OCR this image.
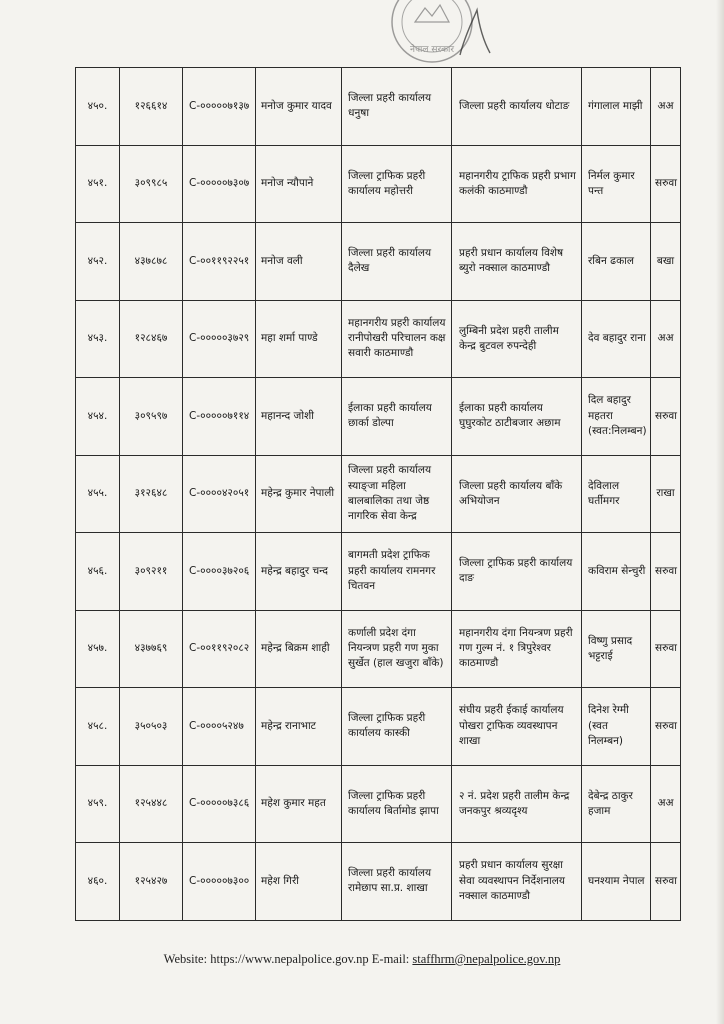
नेपाल सरकार
४५०.	१२६६१४	C-०००००७१३७	मनोज कुमार यादव	जिल्ला प्रहरी कार्यालय धनुषा	जिल्ला प्रहरी कार्यालय धोटाङ	गंगालाल माझी	अअ
४५१.	३०९९८५	C-०००००७३०७	मनोज न्यौपाने	जिल्ला ट्राफिक प्रहरी कार्यालय महोत्तरी	महानगरीय ट्राफिक प्रहरी प्रभाग कलंकी काठमाण्डौ	निर्मल कुमार पन्त	सरुवा
४५२.	४३७८७८	C-००११९२२५१	मनोज वली	जिल्ला प्रहरी कार्यालय दैलेख	प्रहरी प्रधान कार्यालय विशेष ब्युरो नक्साल काठमाण्डौ	रबिन ढकाल	बखा
४५३.	१२८४६७	C-०००००३७२९	महा शर्मा पाण्डे	महानगरीय प्रहरी कार्यालय रानीपोखरी परिचालन कक्ष सवारी काठमाण्डौ	लुम्बिनी प्रदेश प्रहरी तालीम केन्द्र बुटवल रुपन्देही	देव बहादुर राना	अअ
४५४.	३०९५९७	C-०००००७११४	महानन्द जोशी	ईलाका प्रहरी कार्यालय छार्का डोल्पा	ईलाका प्रहरी कार्यालय घुघुरकोट ठाटीबजार अछाम	दिल बहादुर महतरा (स्वत:निलम्बन)	सरुवा
४५५.	३१२६४८	C-००००४२०५१	महेन्द्र कुमार नेपाली	जिल्ला प्रहरी कार्यालय स्याङ्जा महिला बालबालिका तथा जेष्ठ नागरिक सेवा केन्द्र	जिल्ला प्रहरी कार्यालय बाँके अभियोजन	देविलाल घर्तीमगर	राखा
४५६.	३०९२११	C-००००३७२०६	महेन्द्र बहादुर चन्द	बागमती प्रदेश ट्राफिक प्रहरी कार्यालय रामनगर चितवन	जिल्ला ट्राफिक प्रहरी कार्यालय दाङ	कविराम सेन्चुरी	सरुवा
४५७.	४३७७६९	C-००११९२०८२	महेन्द्र बिक्रम शाही	कर्णाली प्रदेश दंगा नियन्त्रण प्रहरी गण मुका सुर्खेत (हाल खजुरा बाँके)	महानगरीय दंगा नियन्त्रण प्रहरी गण गुल्म नं. १ त्रिपुरेश्वर काठमाण्डौ	विष्णु प्रसाद भट्टराई	सरुवा
४५८.	३५०५०३	C-००००५२४७	महेन्द्र रानाभाट	जिल्ला ट्राफिक प्रहरी कार्यालय कास्की	संघीय प्रहरी ईकाई कार्यालय पोखरा ट्राफिक व्यवस्थापन शाखा	दिनेश रेग्मी (स्वत निलम्बन)	सरुवा
४५९.	१२५४४८	C-०००००७३८६	महेश कुमार महत	जिल्ला ट्राफिक प्रहरी कार्यालय बिर्तामोड झापा	२ नं. प्रदेश प्रहरी तालीम केन्द्र जनकपुर श्रव्यदृश्य	देबेन्द्र ठाकुर हजाम	अअ
४६०.	१२५४२७	C-०००००७३००	महेश गिरी	जिल्ला प्रहरी कार्यालय रामेछाप सा.प्र. शाखा	प्रहरी प्रधान कार्यालय सुरक्षा सेवा व्यवस्थापन निर्देशनालय नक्साल काठमाण्डौ	घनश्याम नेपाल	सरुवा
Website: https://www.nepalpolice.gov.np E-mail: staffhrm@nepalpolice.gov.np
